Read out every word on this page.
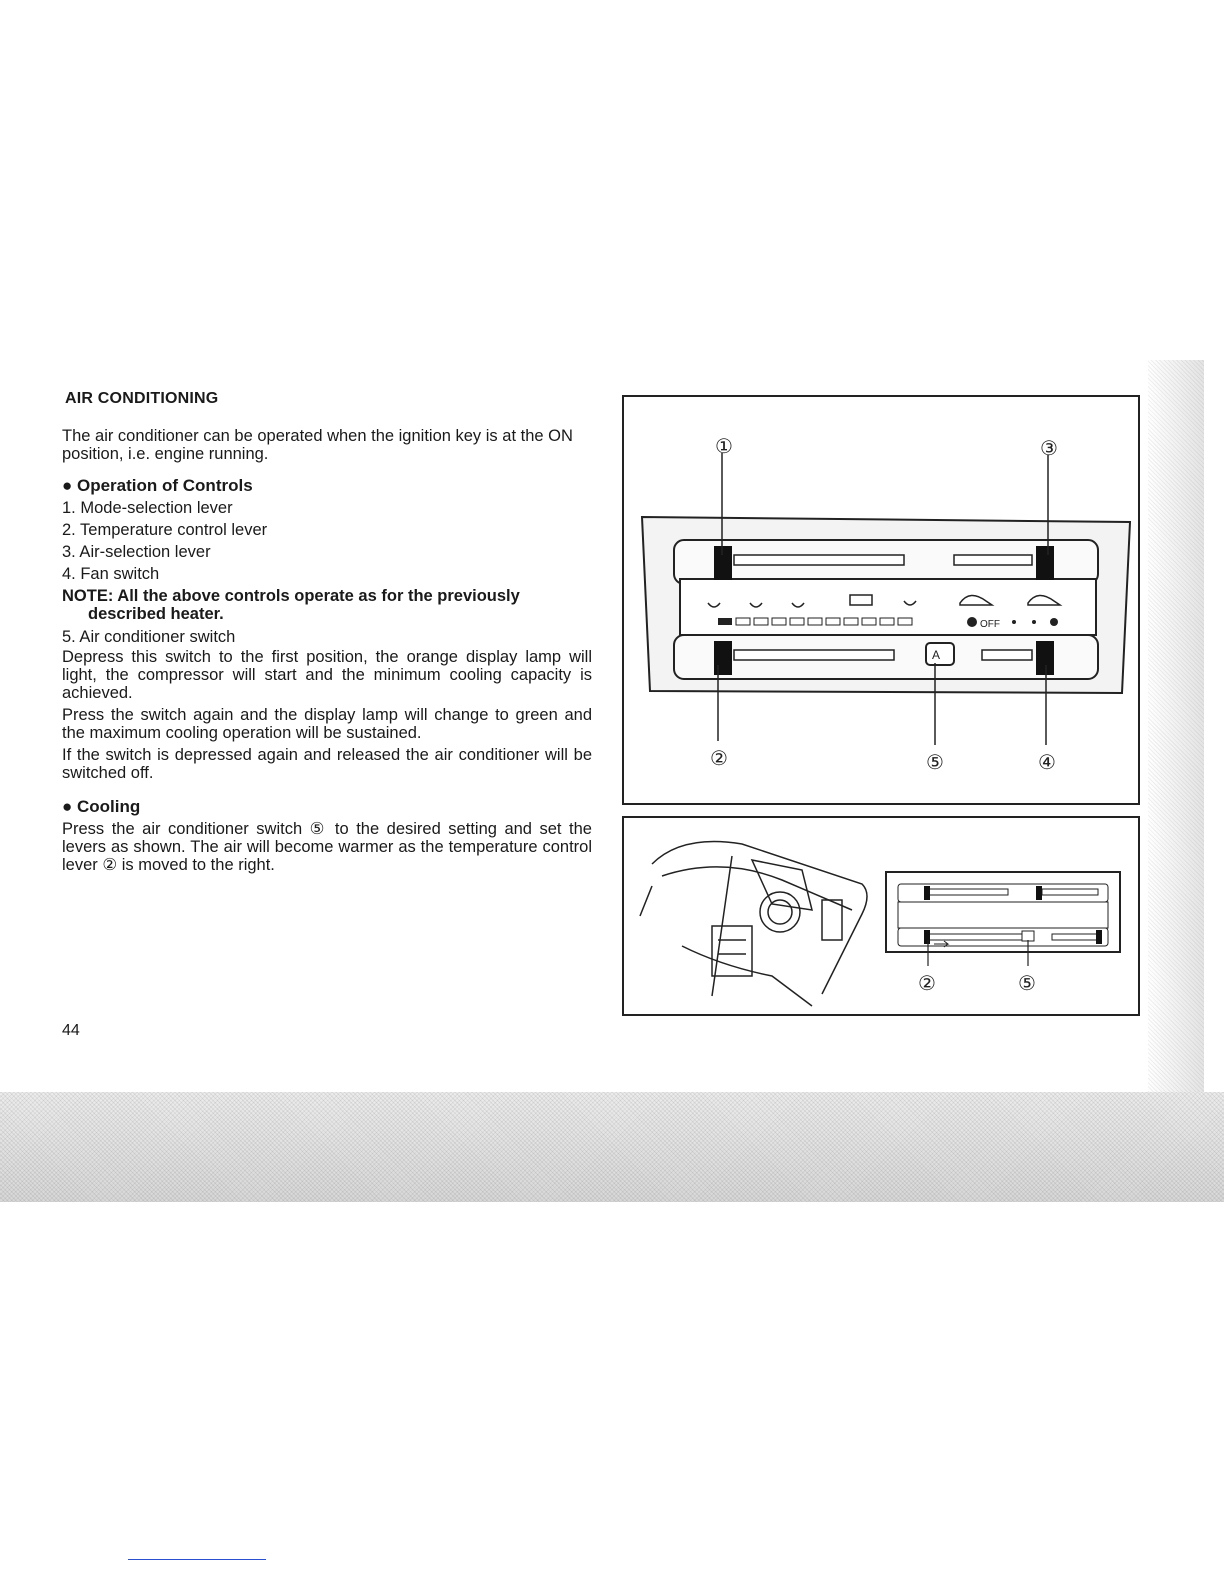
AIR CONDITIONING
The air conditioner can be operated when the ignition key is at the ON position, i.e. engine running.
● Operation of Controls
1. Mode-selection lever
2. Temperature control lever
3. Air-selection lever
4. Fan switch
NOTE: All the above controls operate as for the previously described heater.
5. Air conditioner switch
Depress this switch to the first position, the orange display lamp will light, the compressor will start and the minimum cooling capacity is achieved.
Press the switch again and the display lamp will change to green and the maximum cooling operation will be sustained.
If the switch is depressed again and released the air conditioner will be switched off.
● Cooling
Press the air conditioner switch ⑤ to the desired setting and set the levers as shown. The air will become warmer as the temperature control lever ② is moved to the right.
44
OFF
A
①	③
②	⑤	④
②	⑤
